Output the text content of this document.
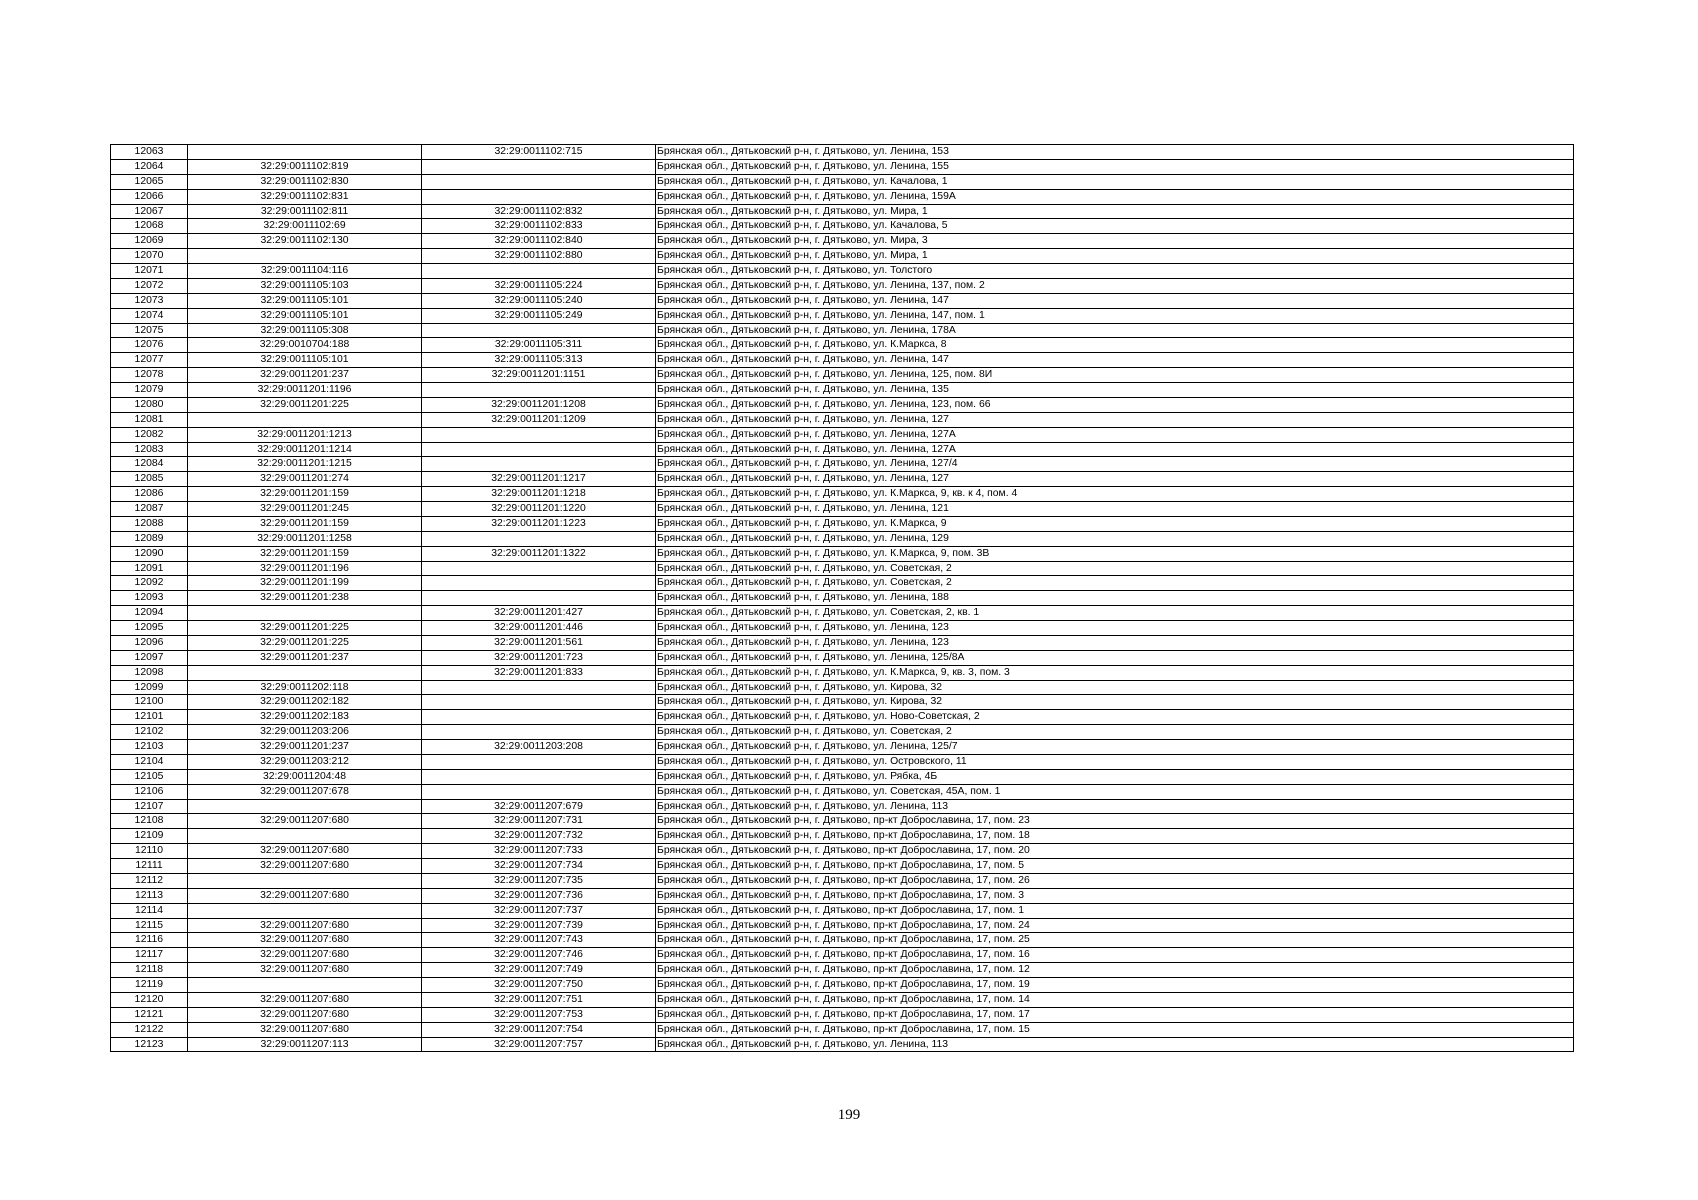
12063		32:29:0011102:715	Брянская обл., Дятьковский р-н, г. Дятьково, ул. Ленина, 153
12064	32:29:0011102:819		Брянская обл., Дятьковский р-н, г. Дятьково, ул. Ленина, 155
12065	32:29:0011102:830		Брянская обл., Дятьковский р-н, г. Дятьково, ул. Качалова, 1
12066	32:29:0011102:831		Брянская обл., Дятьковский р-н, г. Дятьково, ул. Ленина, 159А
12067	32:29:0011102:811	32:29:0011102:832	Брянская обл., Дятьковский р-н, г. Дятьково, ул. Мира, 1
12068	32:29:0011102:69	32:29:0011102:833	Брянская обл., Дятьковский р-н, г. Дятьково, ул. Качалова, 5
12069	32:29:0011102:130	32:29:0011102:840	Брянская обл., Дятьковский р-н, г. Дятьково, ул. Мира, 3
12070		32:29:0011102:880	Брянская обл., Дятьковский р-н, г. Дятьково, ул. Мира, 1
12071	32:29:0011104:116		Брянская обл., Дятьковский р-н, г. Дятьково, ул. Толстого
12072	32:29:0011105:103	32:29:0011105:224	Брянская обл., Дятьковский р-н, г. Дятьково, ул. Ленина, 137, пом. 2
12073	32:29:0011105:101	32:29:0011105:240	Брянская обл., Дятьковский р-н, г. Дятьково, ул. Ленина, 147
12074	32:29:0011105:101	32:29:0011105:249	Брянская обл., Дятьковский р-н, г. Дятьково, ул. Ленина, 147, пом. 1
12075	32:29:0011105:308		Брянская обл., Дятьковский р-н, г. Дятьково, ул. Ленина, 178А
12076	32:29:0010704:188	32:29:0011105:311	Брянская обл., Дятьковский р-н, г. Дятьково, ул. К.Маркса, 8
12077	32:29:0011105:101	32:29:0011105:313	Брянская обл., Дятьковский р-н, г. Дятьково, ул. Ленина, 147
12078	32:29:0011201:237	32:29:0011201:1151	Брянская обл., Дятьковский р-н, г. Дятьково, ул. Ленина, 125, пом. 8И
12079	32:29:0011201:1196		Брянская обл., Дятьковский р-н, г. Дятьково, ул. Ленина, 135
12080	32:29:0011201:225	32:29:0011201:1208	Брянская обл., Дятьковский р-н, г. Дятьково, ул. Ленина, 123, пом. 66
12081		32:29:0011201:1209	Брянская обл., Дятьковский р-н, г. Дятьково, ул. Ленина, 127
12082	32:29:0011201:1213		Брянская обл., Дятьковский р-н, г. Дятьково, ул. Ленина, 127А
12083	32:29:0011201:1214		Брянская обл., Дятьковский р-н, г. Дятьково, ул. Ленина, 127А
12084	32:29:0011201:1215		Брянская обл., Дятьковский р-н, г. Дятьково, ул. Ленина, 127/4
12085	32:29:0011201:274	32:29:0011201:1217	Брянская обл., Дятьковский р-н, г. Дятьково, ул. Ленина, 127
12086	32:29:0011201:159	32:29:0011201:1218	Брянская обл., Дятьковский р-н, г. Дятьково, ул. К.Маркса, 9, кв. к 4, пом. 4
12087	32:29:0011201:245	32:29:0011201:1220	Брянская обл., Дятьковский р-н, г. Дятьково, ул. Ленина, 121
12088	32:29:0011201:159	32:29:0011201:1223	Брянская обл., Дятьковский р-н, г. Дятьково, ул. К.Маркса, 9
12089	32:29:0011201:1258		Брянская обл., Дятьковский р-н, г. Дятьково, ул. Ленина, 129
12090	32:29:0011201:159	32:29:0011201:1322	Брянская обл., Дятьковский р-н, г. Дятьково, ул. К.Маркса, 9, пом. 3В
12091	32:29:0011201:196		Брянская обл., Дятьковский р-н, г. Дятьково, ул. Советская, 2
12092	32:29:0011201:199		Брянская обл., Дятьковский р-н, г. Дятьково, ул. Советская, 2
12093	32:29:0011201:238		Брянская обл., Дятьковский р-н, г. Дятьково, ул. Ленина, 188
12094		32:29:0011201:427	Брянская обл., Дятьковский р-н, г. Дятьково, ул. Советская, 2, кв. 1
12095	32:29:0011201:225	32:29:0011201:446	Брянская обл., Дятьковский р-н, г. Дятьково, ул. Ленина, 123
12096	32:29:0011201:225	32:29:0011201:561	Брянская обл., Дятьковский р-н, г. Дятьково, ул. Ленина, 123
12097	32:29:0011201:237	32:29:0011201:723	Брянская обл., Дятьковский р-н, г. Дятьково, ул. Ленина, 125/8А
12098		32:29:0011201:833	Брянская обл., Дятьковский р-н, г. Дятьково, ул. К.Маркса, 9, кв. 3, пом. 3
12099	32:29:0011202:118		Брянская обл., Дятьковский р-н, г. Дятьково, ул. Кирова, 32
12100	32:29:0011202:182		Брянская обл., Дятьковский р-н, г. Дятьково, ул. Кирова, 32
12101	32:29:0011202:183		Брянская обл., Дятьковский р-н, г. Дятьково, ул. Ново-Советская, 2
12102	32:29:0011203:206		Брянская обл., Дятьковский р-н, г. Дятьково, ул. Советская, 2
12103	32:29:0011201:237	32:29:0011203:208	Брянская обл., Дятьковский р-н, г. Дятьково, ул. Ленина, 125/7
12104	32:29:0011203:212		Брянская обл., Дятьковский р-н, г. Дятьково, ул. Островского, 11
12105	32:29:0011204:48		Брянская обл., Дятьковский р-н, г. Дятьково, ул. Рябка, 4Б
12106	32:29:0011207:678		Брянская обл., Дятьковский р-н, г. Дятьково, ул. Советская, 45А, пом. 1
12107		32:29:0011207:679	Брянская обл., Дятьковский р-н, г. Дятьково, ул. Ленина, 113
12108	32:29:0011207:680	32:29:0011207:731	Брянская обл., Дятьковский р-н, г. Дятьково, пр-кт Доброславина, 17, пом. 23
12109		32:29:0011207:732	Брянская обл., Дятьковский р-н, г. Дятьково, пр-кт Доброславина, 17, пом. 18
12110	32:29:0011207:680	32:29:0011207:733	Брянская обл., Дятьковский р-н, г. Дятьково, пр-кт Доброславина, 17, пом. 20
12111	32:29:0011207:680	32:29:0011207:734	Брянская обл., Дятьковский р-н, г. Дятьково, пр-кт Доброславина, 17, пом. 5
12112		32:29:0011207:735	Брянская обл., Дятьковский р-н, г. Дятьково, пр-кт Доброславина, 17, пом. 26
12113	32:29:0011207:680	32:29:0011207:736	Брянская обл., Дятьковский р-н, г. Дятьково, пр-кт Доброславина, 17, пом. 3
12114		32:29:0011207:737	Брянская обл., Дятьковский р-н, г. Дятьково, пр-кт Доброславина, 17, пом. 1
12115	32:29:0011207:680	32:29:0011207:739	Брянская обл., Дятьковский р-н, г. Дятьково, пр-кт Доброславина, 17, пом. 24
12116	32:29:0011207:680	32:29:0011207:743	Брянская обл., Дятьковский р-н, г. Дятьково, пр-кт Доброславина, 17, пом. 25
12117	32:29:0011207:680	32:29:0011207:746	Брянская обл., Дятьковский р-н, г. Дятьково, пр-кт Доброславина, 17, пом. 16
12118	32:29:0011207:680	32:29:0011207:749	Брянская обл., Дятьковский р-н, г. Дятьково, пр-кт Доброславина, 17, пом. 12
12119		32:29:0011207:750	Брянская обл., Дятьковский р-н, г. Дятьково, пр-кт Доброславина, 17, пом. 19
12120	32:29:0011207:680	32:29:0011207:751	Брянская обл., Дятьковский р-н, г. Дятьково, пр-кт Доброславина, 17, пом. 14
12121	32:29:0011207:680	32:29:0011207:753	Брянская обл., Дятьковский р-н, г. Дятьково, пр-кт Доброславина, 17, пом. 17
12122	32:29:0011207:680	32:29:0011207:754	Брянская обл., Дятьковский р-н, г. Дятьково, пр-кт Доброславина, 17, пом. 15
12123	32:29:0011207:113	32:29:0011207:757	Брянская обл., Дятьковский р-н, г. Дятьково, ул. Ленина, 113
199
